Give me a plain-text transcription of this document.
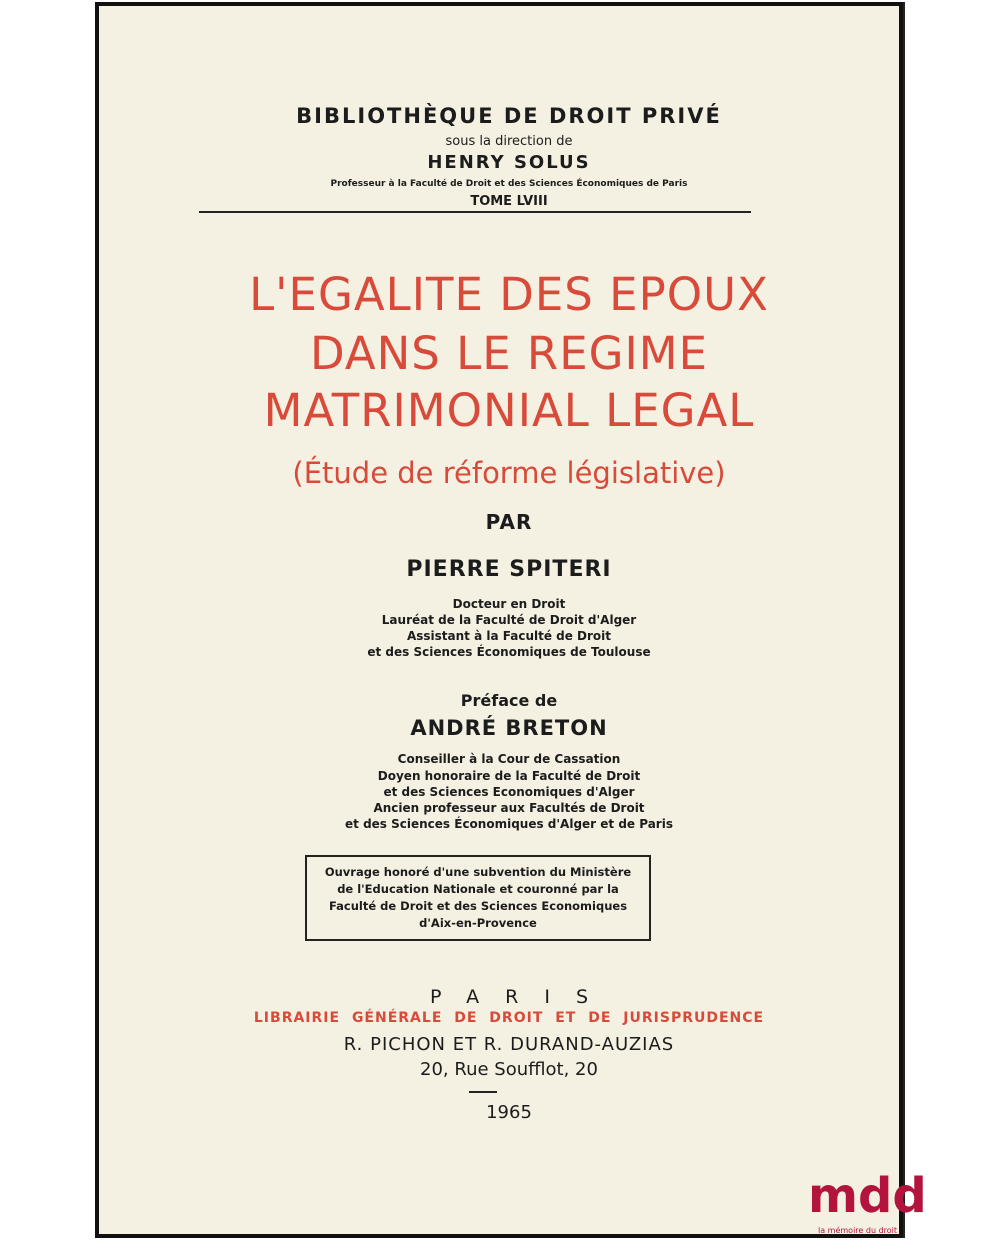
BIBLIOTHÈQUE DE DROIT PRIVÉ
sous la direction de
HENRY SOLUS
Professeur à la Faculté de Droit et des Sciences Économiques de Paris
TOME LVIII
L'EGALITE DES EPOUX
DANS LE REGIME
MATRIMONIAL LEGAL
(Étude de réforme législative)
PAR
PIERRE SPITERI
Docteur en Droit
Lauréat de la Faculté de Droit d'Alger
Assistant à la Faculté de Droit
et des Sciences Économiques de Toulouse
Préface de
ANDRÉ BRETON
Conseiller à la Cour de Cassation
Doyen honoraire de la Faculté de Droit
et des Sciences Economiques d'Alger
Ancien professeur aux Facultés de Droit
et des Sciences Économiques d'Alger et de Paris
Ouvrage honoré d'une subvention du Ministère
de l'Education Nationale et couronné par la
Faculté de Droit et des Sciences Economiques
d'Aix-en-Provence
PARIS
LIBRAIRIE GÉNÉRALE DE DROIT ET DE JURISPRUDENCE
R. PICHON ET R. DURAND-AUZIAS
20, Rue Soufflot, 20
1965
mdd
la mémoire du droit
